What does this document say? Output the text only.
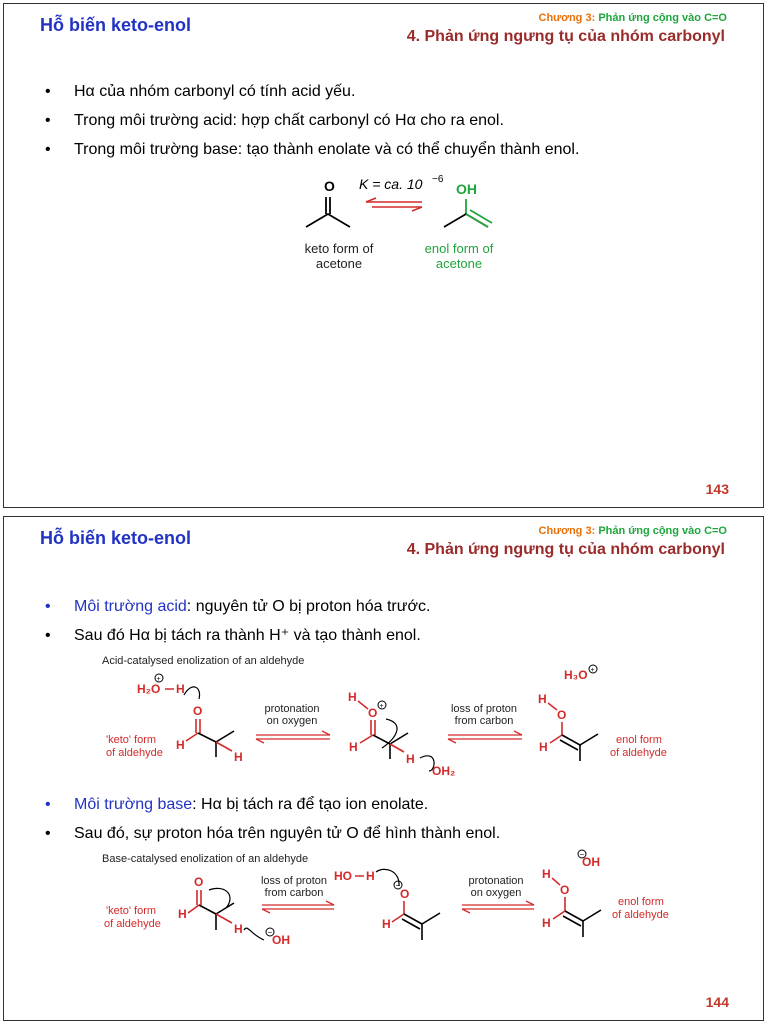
Hỗ biến keto-enol	Chương 3: Phản ứng cộng vào C=O
4. Phản ứng ngưng tụ của nhóm carbonyl
• Hα của nhóm carbonyl có tính acid yếu.
• Trong môi trường acid: hợp chất carbonyl có Hα cho ra enol.
• Trong môi trường base: tạo thành enolate và có thể chuyển thành enol.
O
keto form of
acetone
K = ca. 10 −6
OH
enol form of
acetone
143
Hỗ biến keto-enol	Chương 3: Phản ứng cộng vào C=O
4. Phản ứng ngưng tụ của nhóm carbonyl
• Môi trường acid: nguyên tử O bị proton hóa trước.
• Sau đó Hα bị tách ra thành H⁺ và tạo thành enol.
Acid-catalysed enolization of an aldehyde
H₂O H
+
O
H
H
'keto' form
of aldehyde
protonation
on oxygen
H
O +
H
H
OH₂
loss of proton
from carbon
H₃O +
H
O
H	enol form
of aldehyde
• Môi trường base: Hα bị tách ra để tạo ion enolate.
• Sau đó, sự proton hóa trên nguyên tử O để hình thành enol.
Base-catalysed enolization of an aldehyde
O
H
H	−
OH
'keto' form
of aldehyde
loss of proton
from carbon
HO H
−
O
H
protonation
on oxygen
−
OH
H
O
H
enol form
of aldehyde
144
